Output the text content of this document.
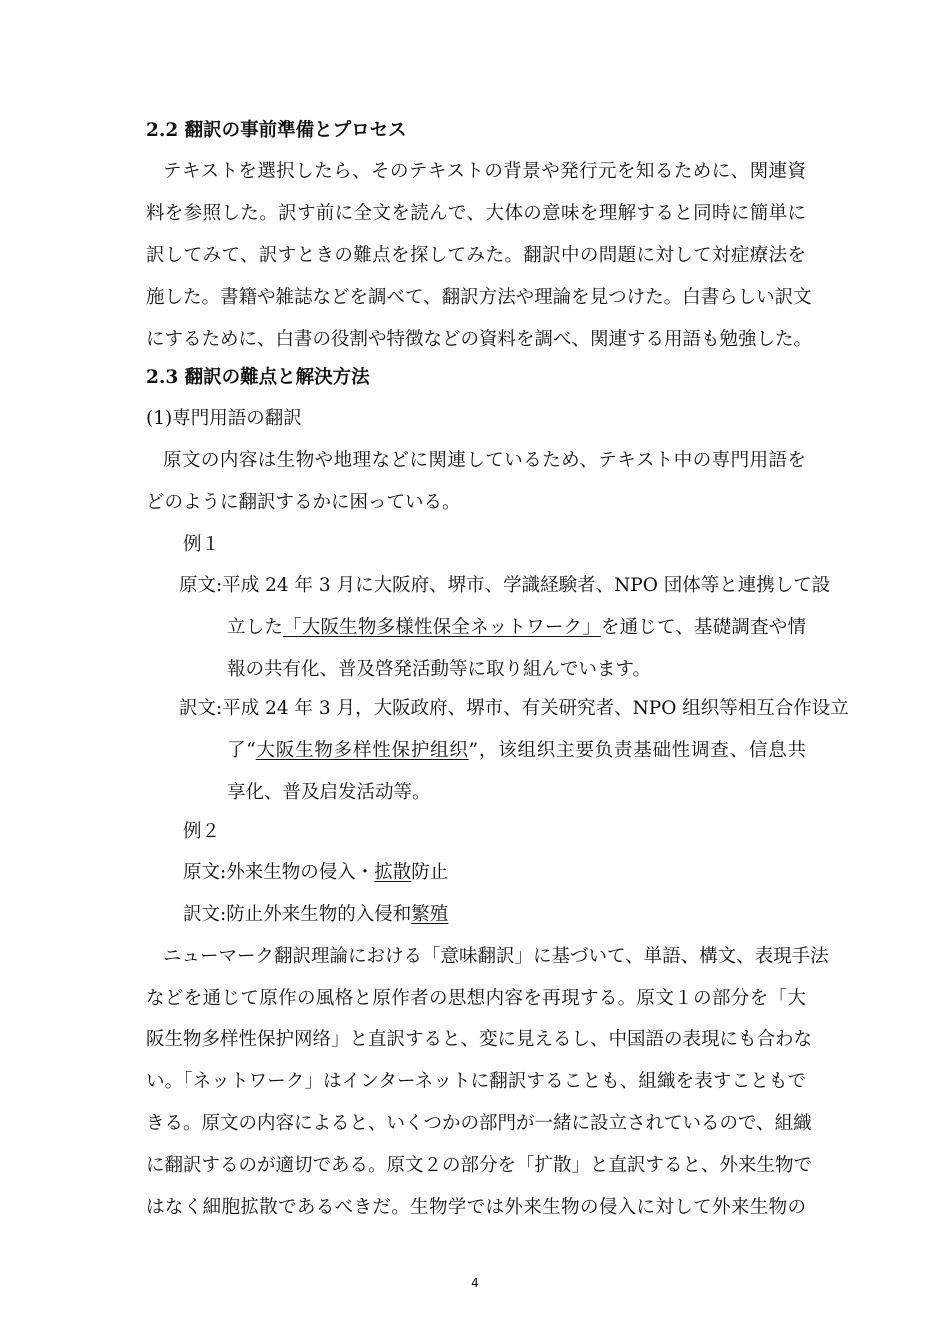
2.2 翻訳の事前準備とプロセス
テキストを選択したら、そのテキストの背景や発行元を知るために、関連資
料を参照した。訳す前に全文を読んで、大体の意味を理解すると同時に簡単に
訳してみて、訳すときの難点を探してみた。翻訳中の問題に対して対症療法を
施した。書籍や雑誌などを調べて、翻訳方法や理論を見つけた。白書らしい訳文
にするために、白書の役割や特徴などの資料を調べ、関連する用語も勉強した。
2.3 翻訳の難点と解決方法
(1)専門用語の翻訳
原文の内容は生物や地理などに関連しているため、テキスト中の専門用語を
どのように翻訳するかに困っている。
例１
原文:平成 24 年 3 月に大阪府、堺市、学識経験者、NPO 団体等と連携して設
立した「大阪生物多様性保全ネットワーク」を通じて、基礎調査や情
報の共有化、普及啓発活動等に取り組んでいます。
訳文:平成 24 年 3 月，大阪政府、堺市、有关研究者、NPO 组织等相互合作设立
了“大阪生物多样性保护组织”，该组织主要负责基础性调查、信息共
享化、普及启发活动等。
例２
原文:外来生物の侵入・拡散防止
訳文:防止外来生物的入侵和繁殖
ニューマーク翻訳理論における「意味翻訳」に基づいて、単語、構文、表現手法
などを通じて原作の風格と原作者の思想内容を再現する。原文１の部分を「大
阪生物多样性保护网络」と直訳すると、変に見えるし、中国語の表現にも合わな
い。「ネットワーク」はインターネットに翻訳することも、組織を表すこともで
きる。原文の内容によると、いくつかの部門が一緒に設立されているので、組織
に翻訳するのが適切である。原文２の部分を「扩散」と直訳すると、外来生物で
はなく細胞拡散であるべきだ。生物学では外来生物の侵入に対して外来生物の
4
